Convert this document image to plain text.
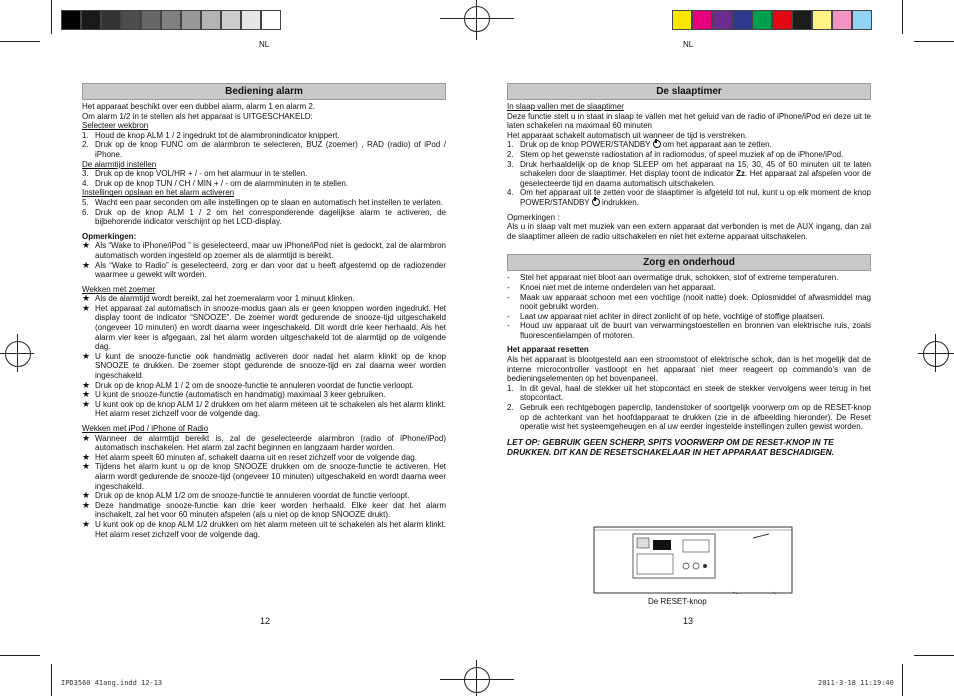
NL	NL
Bediening alarm

Het apparaat beschikt over een dubbel alarm, alarm 1 en alarm 2.

Om alarm 1/2 in te stellen als het apparaat is UITGESCHAKELD:

Selecteer wekbron

1. Houd de knop ALM 1 / 2 ingedrukt tot de alarmbronindicator knippert.
2. Druk op de knop FUNC om de alarmbron te selecteren, BUZ (zoemer) , RAD (radio) of iPod / iPhone.

De alarmtijd instellen

3. Druk op de knop VOL/HR + / - om het alarmuur in te stellen.
4. Druk op de knop TUN / CH / MIN + / - om de alarmminuten in te stellen.

Instellingen opslaan en het alarm activeren

5. Wacht een paar seconden om alle instellingen op te slaan en automatisch het instellen te verlaten.
6. Druk op de knop ALM 1 / 2 om het corresponderende dagelijkse alarm te activeren, de bijbehorende indicator verschijnt op het LCD-display.

Opmerkingen:

★ Als “Wake to iPhone/iPod ” is geselecteerd, maar uw iPhone/iPod niet is gedockt, zal de alarmbron automatisch worden ingesteld op zoemer als de alarmtijd is bereikt.
★ Als “Wake to Radio” is geselecteerd, zorg er dan voor dat u heeft afgestemd op de radiozender waarmee u gewekt wilt worden.

Wekken met zoemer

★ Als de alarmtijd wordt bereikt, zal het zoemeralarm voor 1 minuut klinken.
★ Het apparaat zal automatisch in snooze-modus gaan als er geen knoppen worden ingedrukt. Het display toont de indicator “SNOOZE”. De zoemer wordt gedurende de snooze-tijd uitgeschakeld (ongeveer 10 minuten) en wordt daarna weer ingeschakeld. Dit wordt drie keer herhaald. Als het alarm vier keer is afgegaan, zal het alarm worden uitgeschakeld tot de alarmtijd op de volgende dag.
★ U kunt de snooze-functie ook handmatig activeren door nadat het alarm klinkt op de knop SNOOZE te drukken. De zoemer stopt gedurende de snooze-tijd en zal daarna weer worden ingeschakeld.
★ Druk op de knop ALM 1 / 2 om de snooze-functie te annuleren voordat de functie verloopt.
★ U kunt de snooze-functie (automatisch en handmatig) maximaal 3 keer gebruiken.
★ U kunt ook op de knop ALM 1/ 2 drukken om het alarm meteen uit te schakelen als het alarm klinkt. Het alarm reset zichzelf voor de volgende dag.

Wekken met iPod / iPhone of Radio

★ Wanneer de alarmtijd bereikt is, zal de geselecteerde alarmbron (radio of iPhone/iPod) automatisch inschakelen. Het alarm zal zacht beginnen en langzaam harder worden.
★ Het alarm speelt 60 minuten af, schakelt daarna uit en reset zichzelf voor de volgende dag.
★ Tijdens het alarm kunt u op de knop SNOOZE drukken om de snooze-functie te activeren. Het alarm wordt gedurende de snooze-tijd (ongeveer 10 minuten) uitgeschakeld en wordt daarna weer ingeschakeld.
★ Druk op de knop ALM 1/2 om de snooze-functie te annuleren voordat de functie verloopt.
★ Deze handmatige snooze-functie kan drie keer worden herhaald. Elke keer dat het alarm inschakelt, zal het voor 60 minuten afspelen (als u niet op de knop SNOOZE drukt).
★ U kunt ook op de knop ALM 1/2 drukken om het alarm meteen uit te schakelen als het alarm klinkt. Het alarm reset zichzelf voor de volgende dag.
De slaaptimer

In slaap vallen met de slaaptimer

Deze functie stelt u in staat in slaap te vallen met het geluid van de radio of iPhone/iPod en deze uit te laten schakelen na maximaal 60 minuten

Het apparaat schakelt automatisch uit wanneer de tijd is verstreken.

1. Druk op de knop POWER/STANDBY om het apparaat aan te zetten.
2. Stem op het gewenste radiostation af in radiomodus, of speel muziek af op de iPhone/iPod.
3. Druk herhaaldelijk op de knop SLEEP om het apparaat na 15, 30, 45 of 60 minuten uit te laten schakelen door de slaaptimer. Het display toont de indicator Zz. Het apparaat zal afspelen voor de geselecteerde tijd en daarna automatisch uitschakelen.
4. Om het apparaat uit te zetten voor de slaaptimer is afgeteld tot nul, kunt u op elk moment de knop POWER/STANDBY indrukken.

Opmerkingen :

Als u in slaap valt met muziek van een extern apparaat dat verbonden is met de AUX ingang, dan zal de slaaptimer alleen de radio uitschakelen en niet het externe apparaat uitschakelen.

Zorg en onderhoud
-	Stel het apparaat niet bloot aan overmatige druk, schokken, stof of extreme temperaturen.
-	Knoei niet met de interne onderdelen van het apparaat.
-	Maak uw apparaat schoon met een vochtige (nooit natte) doek. Oplosmiddel of afwasmiddel mag nooit gebruikt worden.
-	Laat uw apparaat niet achter in direct zonlicht of op hete, vochtige of stoffige plaatsen.
-	Houd uw apparaat uit de buurt van verwarmingstoestellen en bronnen van elektrische ruis, zoals fluorescentielampen of motoren.

Het apparaat resetten

Als het apparaat is blootgesteld aan een stroomstoot of elektrische schok, dan is het mogelijk dat de interne microcontroller vastloopt en het apparaat niet meer reageert op commando’s van de bedieningselementen op het bovenpaneel.

1. In dit geval, haal de stekker uit het stopcontact en steek de stekker vervolgens weer terug in het stopcontact.
2. Gebruik een rechtgebogen paperclip, tandenstoker of soortgelijk voorwerp om op de RESET-knop op de achterkant van het hoofdapparaat te drukken (zie in de afbeelding hieronder). De Reset operatie wist het systeemgeheugen en al uw eerder ingestelde instellingen zullen gewist worden.

LET OP: GEBRUIK GEEN SCHERP, SPITS VOORWERP OM DE RESET-KNOP IN TE DRUKKEN. DIT KAN DE RESETSCHAKELAAR IN HET APPARAAT BESCHADIGEN.

De RESET-knop
12	13
IPD3560 41ang.indd 12-13	2011-3-18 11:19:40
